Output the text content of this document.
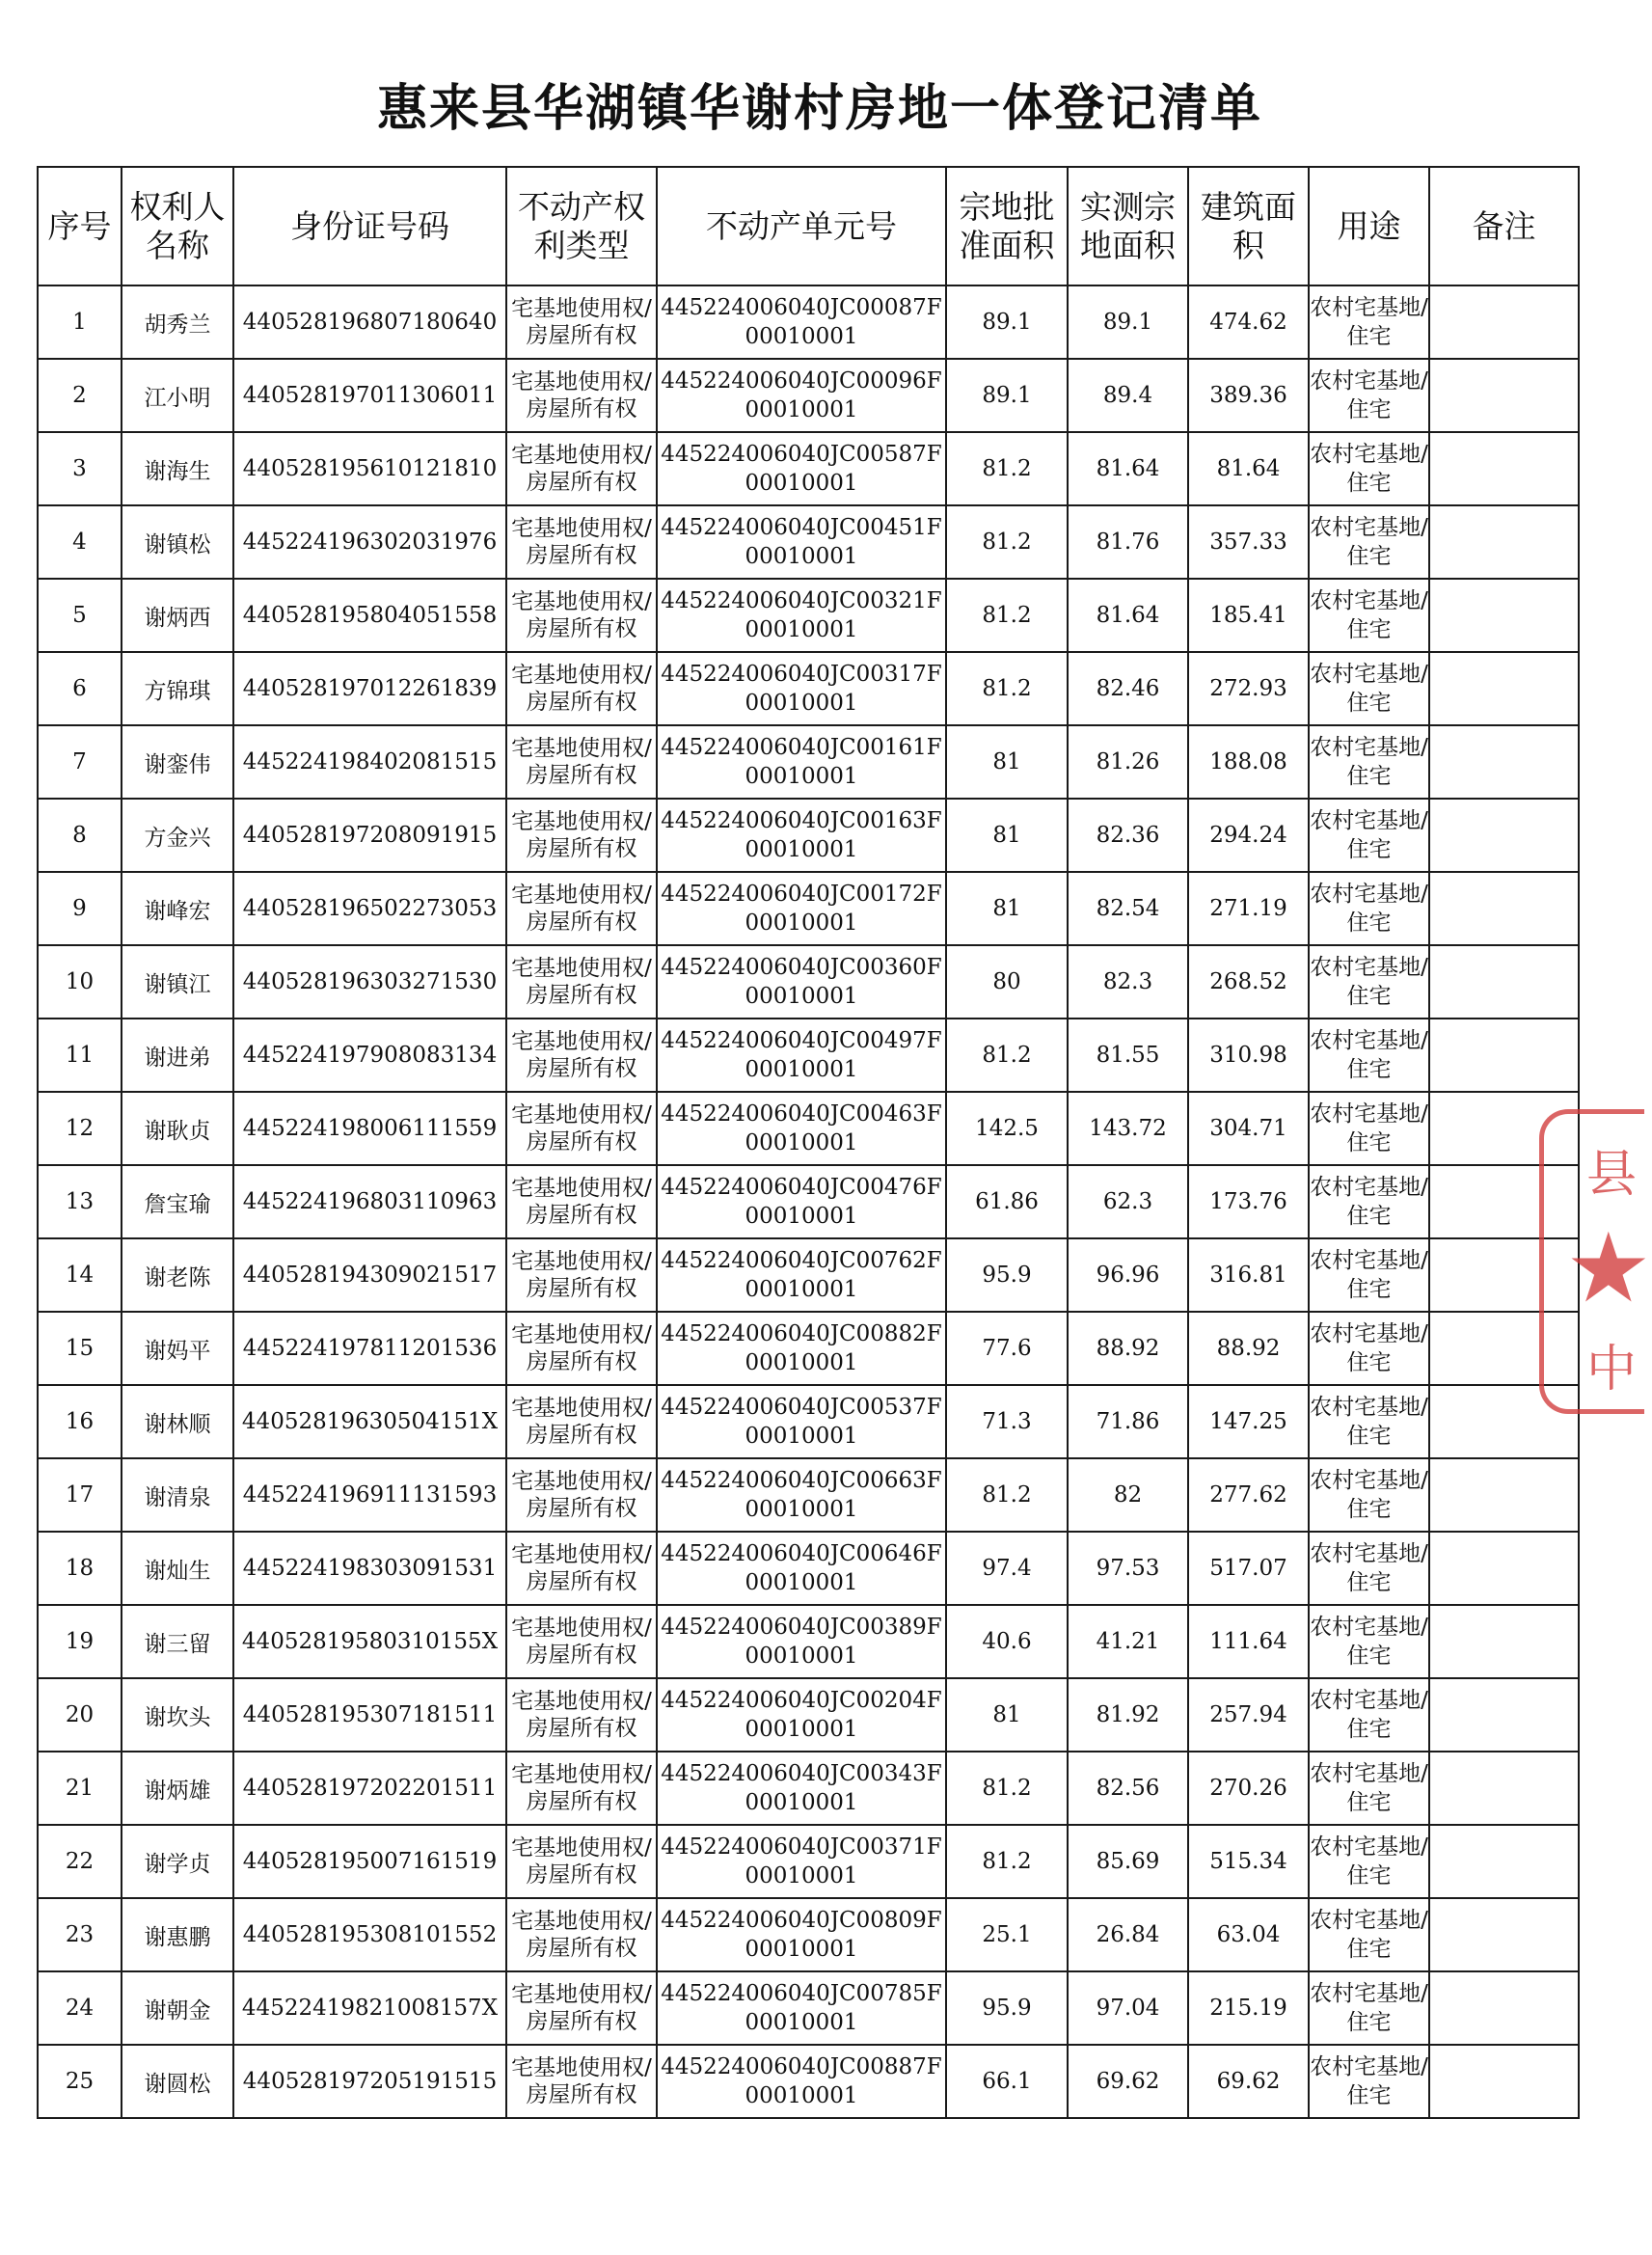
惠来县华湖镇华谢村房地一体登记清单
序号	权利人名称	身份证号码	不动产权利类型	不动产单元号	宗地批准面积	实测宗地面积	建筑面积	用途	备注
1	胡秀兰	440528196807180640	宅基地使用权/房屋所有权	445224006040JC00087F00010001	89.1	89.1	474.62	农村宅基地/住宅	
2	江小明	440528197011306011	宅基地使用权/房屋所有权	445224006040JC00096F00010001	89.1	89.4	389.36	农村宅基地/住宅	
3	谢海生	440528195610121810	宅基地使用权/房屋所有权	445224006040JC00587F00010001	81.2	81.64	81.64	农村宅基地/住宅	
4	谢镇松	445224196302031976	宅基地使用权/房屋所有权	445224006040JC00451F00010001	81.2	81.76	357.33	农村宅基地/住宅	
5	谢炳西	440528195804051558	宅基地使用权/房屋所有权	445224006040JC00321F00010001	81.2	81.64	185.41	农村宅基地/住宅	
6	方锦琪	440528197012261839	宅基地使用权/房屋所有权	445224006040JC00317F00010001	81.2	82.46	272.93	农村宅基地/住宅	
7	谢銮伟	445224198402081515	宅基地使用权/房屋所有权	445224006040JC00161F00010001	81	81.26	188.08	农村宅基地/住宅	
8	方金兴	440528197208091915	宅基地使用权/房屋所有权	445224006040JC00163F00010001	81	82.36	294.24	农村宅基地/住宅	
9	谢峰宏	440528196502273053	宅基地使用权/房屋所有权	445224006040JC00172F00010001	81	82.54	271.19	农村宅基地/住宅	
10	谢镇江	440528196303271530	宅基地使用权/房屋所有权	445224006040JC00360F00010001	80	82.3	268.52	农村宅基地/住宅	
11	谢进弟	445224197908083134	宅基地使用权/房屋所有权	445224006040JC00497F00010001	81.2	81.55	310.98	农村宅基地/住宅	
12	谢耿贞	445224198006111559	宅基地使用权/房屋所有权	445224006040JC00463F00010001	142.5	143.72	304.71	农村宅基地/住宅	
13	詹宝瑜	445224196803110963	宅基地使用权/房屋所有权	445224006040JC00476F00010001	61.86	62.3	173.76	农村宅基地/住宅	
14	谢老陈	440528194309021517	宅基地使用权/房屋所有权	445224006040JC00762F00010001	95.9	96.96	316.81	农村宅基地/住宅	
15	谢妈平	445224197811201536	宅基地使用权/房屋所有权	445224006040JC00882F00010001	77.6	88.92	88.92	农村宅基地/住宅	
16	谢林顺	44052819630504151X	宅基地使用权/房屋所有权	445224006040JC00537F00010001	71.3	71.86	147.25	农村宅基地/住宅	
17	谢清泉	445224196911131593	宅基地使用权/房屋所有权	445224006040JC00663F00010001	81.2	82	277.62	农村宅基地/住宅	
18	谢灿生	445224198303091531	宅基地使用权/房屋所有权	445224006040JC00646F00010001	97.4	97.53	517.07	农村宅基地/住宅	
19	谢三留	44052819580310155X	宅基地使用权/房屋所有权	445224006040JC00389F00010001	40.6	41.21	111.64	农村宅基地/住宅	
20	谢坎头	440528195307181511	宅基地使用权/房屋所有权	445224006040JC00204F00010001	81	81.92	257.94	农村宅基地/住宅	
21	谢炳雄	440528197202201511	宅基地使用权/房屋所有权	445224006040JC00343F00010001	81.2	82.56	270.26	农村宅基地/住宅	
22	谢学贞	440528195007161519	宅基地使用权/房屋所有权	445224006040JC00371F00010001	81.2	85.69	515.34	农村宅基地/住宅	
23	谢惠鹏	440528195308101552	宅基地使用权/房屋所有权	445224006040JC00809F00010001	25.1	26.84	63.04	农村宅基地/住宅	
24	谢朝金	44522419821008157X	宅基地使用权/房屋所有权	445224006040JC00785F00010001	95.9	97.04	215.19	农村宅基地/住宅	
25	谢圆松	440528197205191515	宅基地使用权/房屋所有权	445224006040JC00887F00010001	66.1	69.62	69.62	农村宅基地/住宅	
县
★
中
